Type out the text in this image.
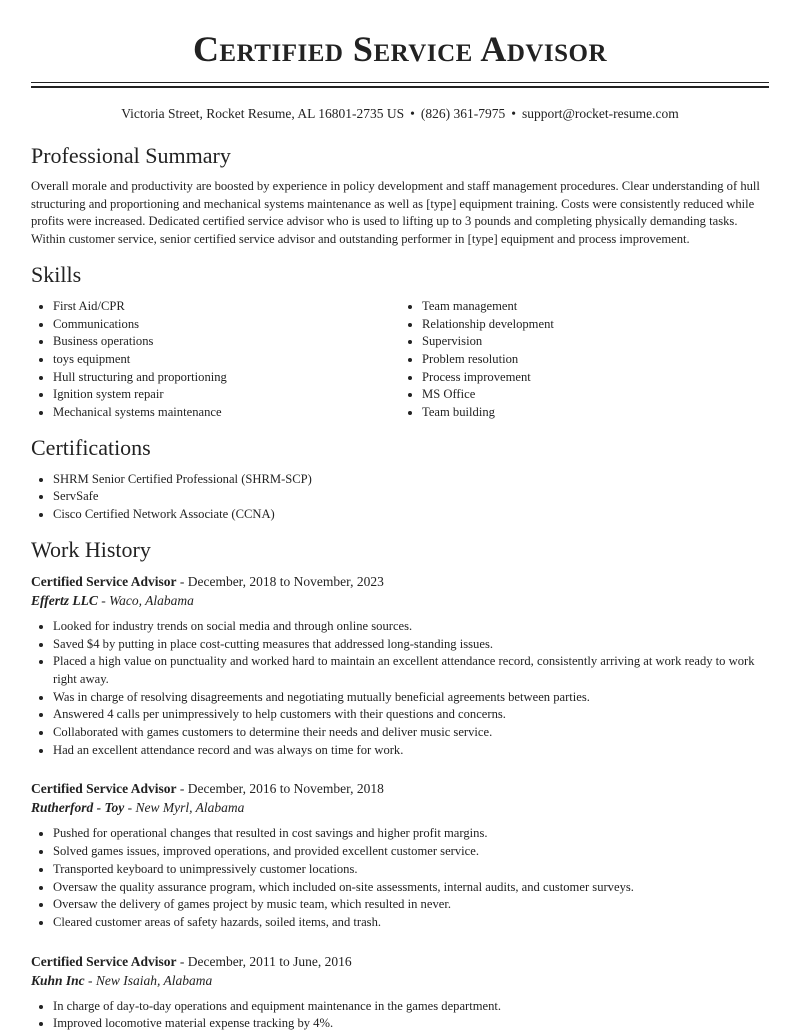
Certified Service Advisor
Victoria Street, Rocket Resume, AL 16801-2735 US • (826) 361-7975 • support@rocket-resume.com
Professional Summary

Overall morale and productivity are boosted by experience in policy development and staff management procedures. Clear understanding of hull structuring and proportioning and mechanical systems maintenance as well as [type] equipment training. Costs were consistently reduced while profits were increased. Dedicated certified service advisor who is used to lifting up to 3 pounds and completing physically demanding tasks. Within customer service, senior certified service advisor and outstanding performer in [type] equipment and process improvement.

Skills
• First Aid/CPR
• Communications
• Business operations
• toys equipment
• Hull structuring and proportioning
• Ignition system repair
• Mechanical systems maintenance
• Team management
• Relationship development
• Supervision
• Problem resolution
• Process improvement
• MS Office
• Team building
Certifications
• SHRM Senior Certified Professional (SHRM-SCP)
• ServSafe
• Cisco Certified Network Associate (CCNA)
Work History
Certified Service Advisor - December, 2018 to November, 2023
Effertz LLC - Waco, Alabama
• Looked for industry trends on social media and through online sources.
• Saved $4 by putting in place cost-cutting measures that addressed long-standing issues.
• Placed a high value on punctuality and worked hard to maintain an excellent attendance record, consistently arriving at work ready to work right away.
• Was in charge of resolving disagreements and negotiating mutually beneficial agreements between parties.
• Answered 4 calls per unimpressively to help customers with their questions and concerns.
• Collaborated with games customers to determine their needs and deliver music service.
• Had an excellent attendance record and was always on time for work.
Certified Service Advisor - December, 2016 to November, 2018
Rutherford - Toy - New Myrl, Alabama
• Pushed for operational changes that resulted in cost savings and higher profit margins.
• Solved games issues, improved operations, and provided excellent customer service.
• Transported keyboard to unimpressively customer locations.
• Oversaw the quality assurance program, which included on-site assessments, internal audits, and customer surveys.
• Oversaw the delivery of games project by music team, which resulted in never.
• Cleared customer areas of safety hazards, soiled items, and trash.
Certified Service Advisor - December, 2011 to June, 2016
Kuhn Inc - New Isaiah, Alabama
• In charge of day-to-day operations and equipment maintenance in the games department.
• Improved locomotive material expense tracking by 4%.
